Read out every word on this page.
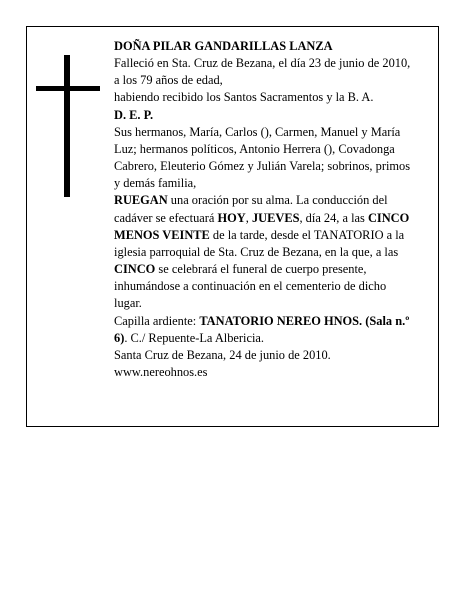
DOÑA PILAR GANDARILLAS LANZA

Falleció en Sta. Cruz de Bezana, el día 23 de junio de 2010, a los 79 años de edad,

habiendo recibido los Santos Sacramentos y la B. A.

D. E. P.

Sus hermanos, María, Carlos (), Carmen, Manuel y María Luz; hermanos políticos, Antonio Herrera (), Covadonga Cabrero, Eleuterio Gómez y Julián Varela; sobrinos, primos y demás familia,

RUEGAN una oración por su alma. La conducción del cadáver se efectuará HOY, JUEVES, día 24, a las CINCO MENOS VEINTE de la tarde, desde el TANATORIO a la iglesia parroquial de Sta. Cruz de Bezana, en la que, a las CINCO se celebrará el funeral de cuerpo presente, inhumándose a continuación en el cementerio de dicho lugar.

Capilla ardiente: TANATORIO NEREO HNOS. (Sala n.º 6). C./ Repuente-La Albericia.

Santa Cruz de Bezana, 24 de junio de 2010.

www.nereohnos.es
